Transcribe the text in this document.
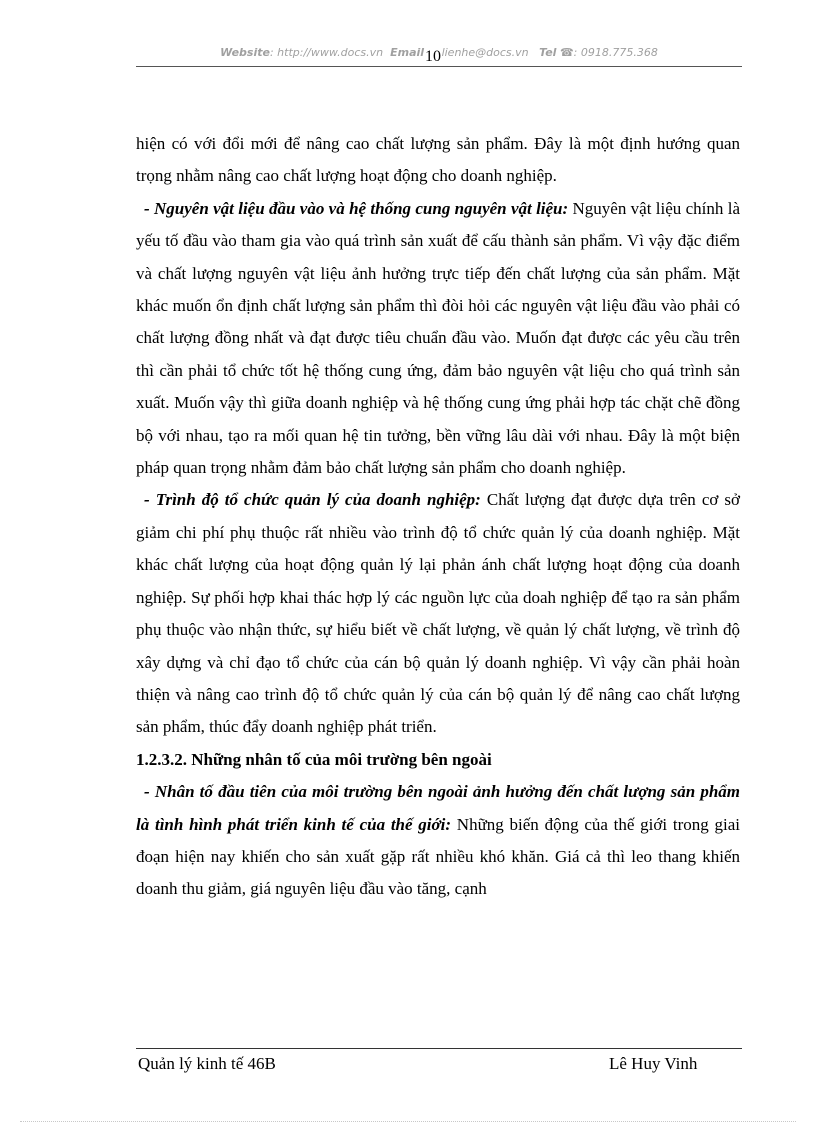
Website: http://www.docs.vn Email lienhe@docs.vn Tel ☎: 0918.775.368
10

hiện có với đổi mới để nâng cao chất lượng sản phẩm. Đây là một định hướng quan trọng nhằm nâng cao chất lượng hoạt động cho doanh nghiệp.

- Nguyên vật liệu đầu vào và hệ thống cung nguyên vật liệu: Nguyên vật liệu chính là yếu tố đầu vào tham gia vào quá trình sản xuất để cấu thành sản phẩm. Vì vậy đặc điểm và chất lượng nguyên vật liệu ảnh hưởng trực tiếp đến chất lượng của sản phẩm. Mặt khác muốn ổn định chất lượng sản phẩm thì đòi hỏi các nguyên vật liệu đầu vào phải có chất lượng đồng nhất và đạt được tiêu chuẩn đầu vào. Muốn đạt được các yêu cầu trên thì cần phải tổ chức tốt hệ thống cung ứng, đảm bảo nguyên vật liệu cho quá trình sản xuất. Muốn vậy thì giữa doanh nghiệp và hệ thống cung ứng phải hợp tác chặt chẽ đồng bộ với nhau, tạo ra mối quan hệ tin tưởng, bền vững lâu dài với nhau. Đây là một biện pháp quan trọng nhằm đảm bảo chất lượng sản phẩm cho doanh nghiệp.

- Trình độ tổ chức quản lý của doanh nghiệp: Chất lượng đạt được dựa trên cơ sở giảm chi phí phụ thuộc rất nhiều vào trình độ tổ chức quản lý của doanh nghiệp. Mặt khác chất lượng của hoạt động quản lý lại phản ánh chất lượng hoạt động của doanh nghiệp. Sự phối hợp khai thác hợp lý các nguồn lực của doah nghiệp để tạo ra sản phẩm phụ thuộc vào nhận thức, sự hiểu biết về chất lượng, về quản lý chất lượng, về trình độ xây dựng và chỉ đạo tổ chức của cán bộ quản lý doanh nghiệp. Vì vậy cần phải hoàn thiện và nâng cao trình độ tổ chức quản lý của cán bộ quản lý để nâng cao chất lượng sản phẩm, thúc đẩy doanh nghiệp phát triển.

1.2.3.2. Những nhân tố của môi trường bên ngoài

- Nhân tố đầu tiên của môi trường bên ngoài ảnh hưởng đến chất lượng sản phẩm là tình hình phát triển kinh tế của thế giới: Những biến động của thế giới trong giai đoạn hiện nay khiến cho sản xuất gặp rất nhiều khó khăn. Giá cả thì leo thang khiến doanh thu giảm, giá nguyên liệu đầu vào tăng, cạnh

Quản lý kinh tế 46B	Lê Huy Vinh
